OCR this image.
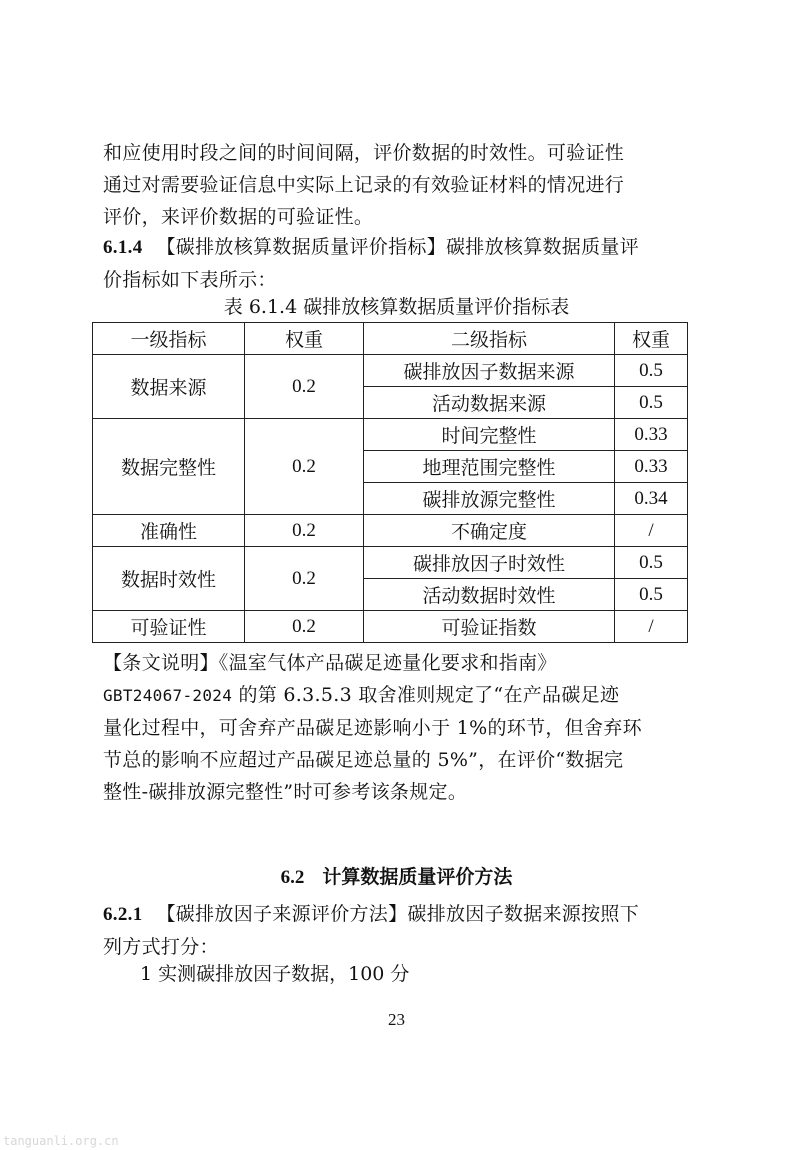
和应使用时段之间的时间间隔，评价数据的时效性。可验证性
通过对需要验证信息中实际上记录的有效验证材料的情况进行
评价，来评价数据的可验证性。
6.1.4 【碳排放核算数据质量评价指标】碳排放核算数据质量评
价指标如下表所示：
表 6.1.4 碳排放核算数据质量评价指标表
一级指标	权重	二级指标	权重
数据来源	0.2	碳排放因子数据来源	0.5
		活动数据来源	0.5
数据完整性	0.2	时间完整性	0.33
		地理范围完整性	0.33
		碳排放源完整性	0.34
准确性	0.2	不确定度	/
数据时效性	0.2	碳排放因子时效性	0.5
		活动数据时效性	0.5
可验证性	0.2	可验证指数	/
【条文说明】《温室气体产品碳足迹量化要求和指南》
GBT24067-2024 的第 6.3.5.3 取舍准则规定了“在产品碳足迹
量化过程中，可舍弃产品碳足迹影响小于 1%的环节，但舍弃环
节总的影响不应超过产品碳足迹总量的 5%”，在评价“数据完
整性-碳排放源完整性”时可参考该条规定。
6.2 计算数据质量评价方法
6.2.1 【碳排放因子来源评价方法】碳排放因子数据来源按照下
列方式打分：
1 实测碳排放因子数据，100 分
23
tanguanli.org.cn
